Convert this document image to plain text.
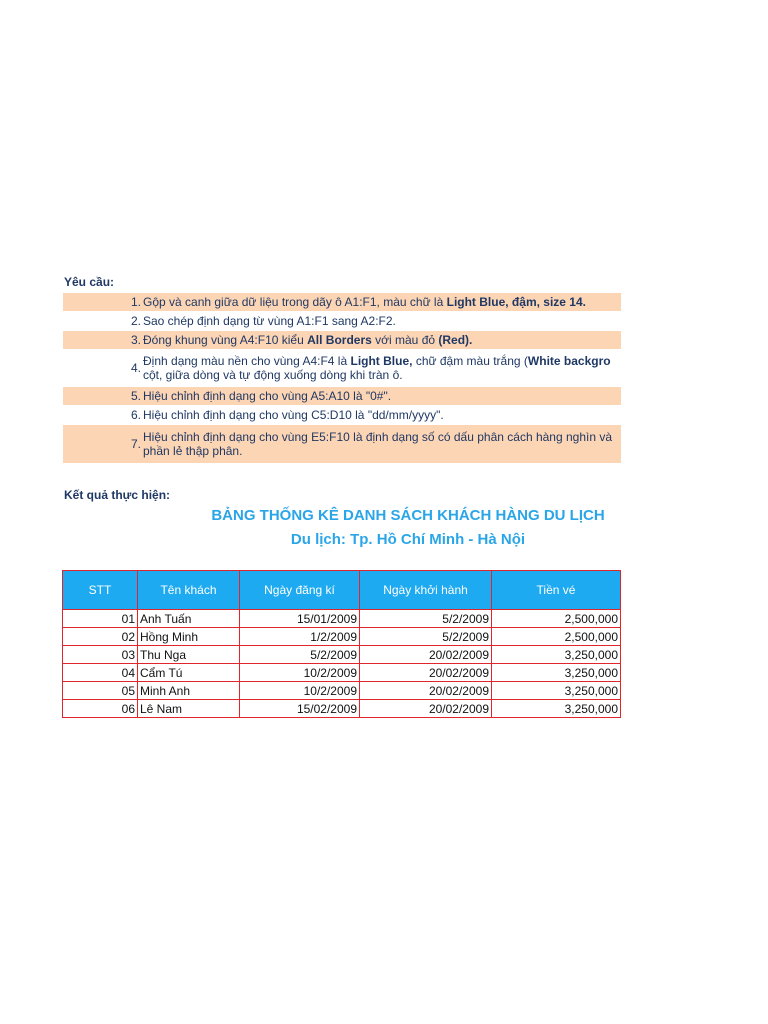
Yêu cầu:
1. Gộp và canh giữa dữ liệu trong dãy ô A1:F1, màu chữ là Light Blue, đậm, size 14.
2. Sao chép định dạng từ vùng A1:F1 sang A2:F2.
3. Đóng khung vùng A4:F10 kiểu All Borders với màu đỏ (Red).
4. Định dạng màu nền cho vùng A4:F4 là Light Blue, chữ đậm màu trắng (White backgro
cột, giữa dòng và tự động xuống dòng khi tràn ô.
5. Hiệu chỉnh định dạng cho vùng A5:A10 là "0#".
6. Hiệu chỉnh định dạng cho vùng C5:D10 là "dd/mm/yyyy".
7. Hiệu chỉnh định dạng cho vùng E5:F10 là định dạng số có dấu phân cách hàng nghìn và
phần lẻ thập phân.
Kết quả thực hiện:
BẢNG THỐNG KÊ DANH SÁCH KHÁCH HÀNG DU LỊCH
Du lịch: Tp. Hồ Chí Minh - Hà Nội
STT	Tên khách	Ngày đăng kí	Ngày khởi hành	Tiền vé
01	Anh Tuấn	15/01/2009	5/2/2009	2,500,000
02	Hồng Minh	1/2/2009	5/2/2009	2,500,000
03	Thu Nga	5/2/2009	20/02/2009	3,250,000
04	Cẩm Tú	10/2/2009	20/02/2009	3,250,000
05	Minh Anh	10/2/2009	20/02/2009	3,250,000
06	Lê Nam	15/02/2009	20/02/2009	3,250,000
